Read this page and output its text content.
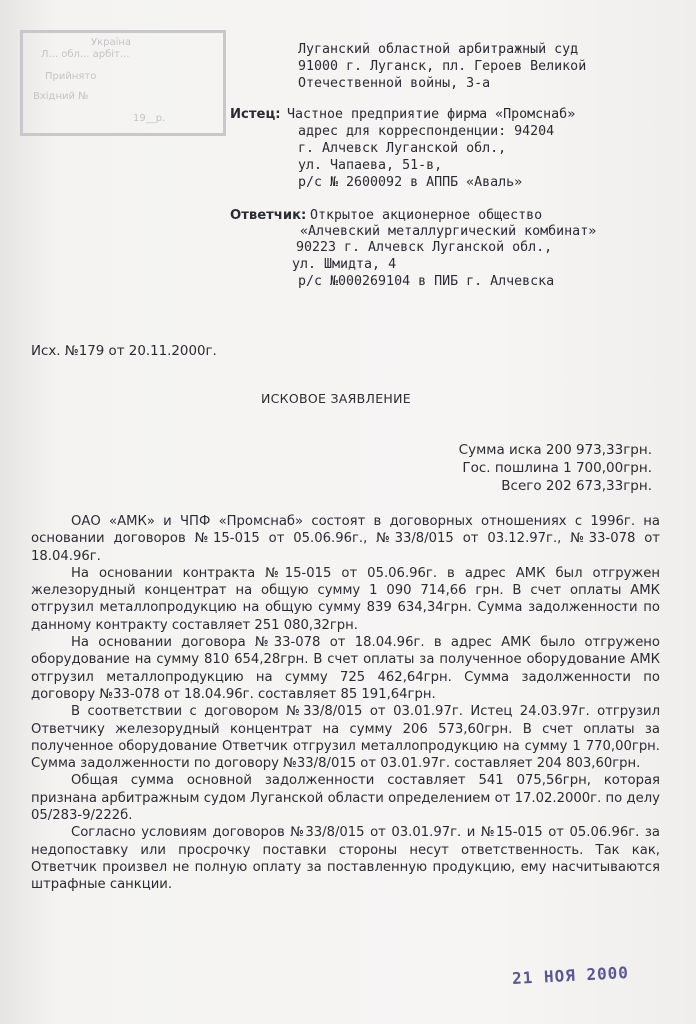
Україна
Л... обл... арбіт...
Прийнято
Вхідний №
19__р.
Луганский областной арбитражный суд
91000 г. Луганск, пл. Героев Великой
Отечественной войны, 3-а
Истец: Частное предприятие фирма «Промснаб»
адрес для корреспонденции: 94204
г. Алчевск Луганской обл.,
ул. Чапаева, 51-в,
р/с № 2600092 в АППБ «Аваль»
Ответчик: Открытое акционерное общество
«Алчевский металлургический комбинат»
90223 г. Алчевск Луганской обл.,
ул. Шмидта, 4
р/с №000269104 в ПИБ г. Алчевска
Исх. №179 от 20.11.2000г.
ИСКОВОЕ ЗАЯВЛЕНИЕ
Сумма иска 200 973,33грн.
Гос. пошлина 1 700,00грн.
Всего 202 673,33грн.

ОАО «АМК» и ЧПФ «Промснаб» состоят в договорных отношениях с 1996г. на основании договоров №15-015 от 05.06.96г., №33/8/015 от 03.12.97г., №33-078 от 18.04.96г.

На основании контракта №15-015 от 05.06.96г. в адрес АМК был отгружен железорудный концентрат на общую сумму 1 090 714,66 грн. В счет оплаты АМК отгрузил металлопродукцию на общую сумму 839 634,34грн. Сумма задолженности по данному контракту составляет 251 080,32грн.

На основании договора №33-078 от 18.04.96г. в адрес АМК было отгружено оборудование на сумму 810 654,28грн. В счет оплаты за полученное оборудование АМК отгрузил металлопродукцию на сумму 725 462,64грн. Сумма задолженности по договору №33-078 от 18.04.96г. составляет 85 191,64грн.

В соответствии с договором №33/8/015 от 03.01.97г. Истец 24.03.97г. отгрузил Ответчику железорудный концентрат на сумму 206 573,60грн. В счет оплаты за полученное оборудование Ответчик отгрузил металлопродукцию на сумму 1 770,00грн. Сумма задолженности по договору №33/8/015 от 03.01.97г. составляет 204 803,60грн.

Общая сумма основной задолженности составляет 541 075,56грн, которая признана арбитражным судом Луганской области определением от 17.02.2000г. по делу 05/283-9/222б.

Согласно условиям договоров №33/8/015 от 03.01.97г. и №15-015 от 05.06.96г. за недопоставку или просрочку поставки стороны несут ответственность. Так как, Ответчик произвел не полную оплату за поставленную продукцию, ему насчитываются штрафные санкции.

21 НОЯ 2000
